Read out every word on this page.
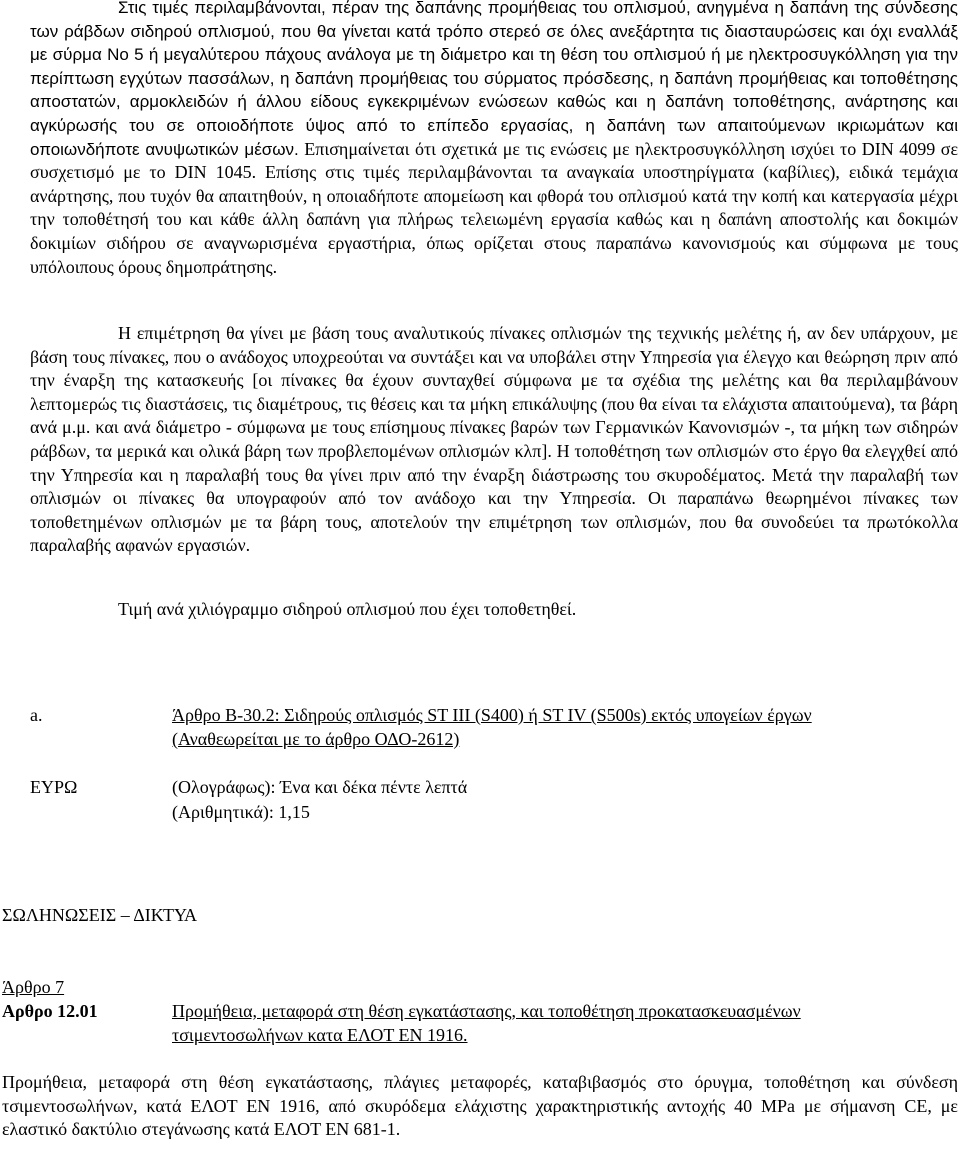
Στις τιμές περιλαμβάνονται, πέραν της δαπάνης προμήθειας του οπλισμού, ανηγμένα η δαπάνη της σύνδεσης των ράβδων σιδηρού οπλισμού, που θα γίνεται κατά τρόπο στερεό σε όλες ανεξάρτητα τις διασταυρώσεις και όχι εναλλάξ με σύρμα Νο 5 ή μεγαλύτερου πάχους ανάλογα με τη διάμετρο και τη θέση του οπλισμού ή με ηλεκτροσυγκόλληση για την περίπτωση εγχύτων πασσάλων, η δαπάνη προμήθειας του σύρματος πρόσδεσης, η δαπάνη προμήθειας και τοποθέτησης αποστατών, αρμοκλειδών ή άλλου είδους εγκεκριμένων ενώσεων καθώς και η δαπάνη τοποθέτησης, ανάρτησης και αγκύρωσής του σε οποιοδήποτε ύψος από το επίπεδο εργασίας, η δαπάνη των απαιτούμενων ικριωμάτων και οποιωνδήποτε ανυψωτικών μέσων. Επισημαίνεται ότι σχετικά με τις ενώσεις με ηλεκτροσυγκόλληση ισχύει το DIN 4099 σε συσχετισμό με το DIN 1045. Επίσης στις τιμές περιλαμβάνονται τα αναγκαία υποστηρίγματα (καβίλιες), ειδικά τεμάχια ανάρτησης, που τυχόν θα απαιτηθούν, η οποιαδήποτε απομείωση και φθορά του οπλισμού κατά την κοπή και κατεργασία μέχρι την τοποθέτησή του και κάθε άλλη δαπάνη για πλήρως τελειωμένη εργασία καθώς και η δαπάνη αποστολής και δοκιμών δοκιμίων σιδήρου σε αναγνωρισμένα εργαστήρια, όπως ορίζεται στους παραπάνω κανονισμούς και σύμφωνα με τους υπόλοιπους όρους δημοπράτησης.

Η επιμέτρηση θα γίνει με βάση τους αναλυτικούς πίνακες οπλισμών της τεχνικής μελέτης ή, αν δεν υπάρχουν, με βάση τους πίνακες, που ο ανάδοχος υποχρεούται να συντάξει και να υποβάλει στην Υπηρεσία για έλεγχο και θεώρηση πριν από την έναρξη της κατασκευής [οι πίνακες θα έχουν συνταχθεί σύμφωνα με τα σχέδια της μελέτης και θα περιλαμβάνουν λεπτομερώς τις διαστάσεις, τις διαμέτρους, τις θέσεις και τα μήκη επικάλυψης (που θα είναι τα ελάχιστα απαιτούμενα), τα βάρη ανά μ.μ. και ανά διάμετρο - σύμφωνα με τους επίσημους πίνακες βαρών των Γερμανικών Κανονισμών -, τα μήκη των σιδηρών ράβδων, τα μερικά και ολικά βάρη των προβλεπομένων οπλισμών κλπ]. Η τοποθέτηση των οπλισμών στο έργο θα ελεγχθεί από την Υπηρεσία και η παραλαβή τους θα γίνει πριν από την έναρξη διάστρωσης του σκυροδέματος. Μετά την παραλαβή των οπλισμών οι πίνακες θα υπογραφούν από τον ανάδοχο και την Υπηρεσία. Οι παραπάνω θεωρημένοι πίνακες των τοποθετημένων οπλισμών με τα βάρη τους, αποτελούν την επιμέτρηση των οπλισμών, που θα συνοδεύει τα πρωτόκολλα παραλαβής αφανών εργασιών.

Τιμή ανά χιλιόγραμμο σιδηρού οπλισμού που έχει τοποθετηθεί.

a.	Άρθρο Β-30.2: Σιδηρούς οπλισμός ST III (S400) ή ST IV (S500s) εκτός υπογείων έργων
(Αναθεωρείται με το άρθρο ΟΔΟ-2612)
ΕΥΡΩ	(Ολογράφως): Ένα και δέκα πέντε λεπτά
(Αριθμητικά): 1,15
ΣΩΛΗΝΩΣΕΙΣ – ΔΙΚΤΥΑ
Άρθρο 7
Αρθρο 12.01	Προμήθεια, μεταφορά στη θέση εγκατάστασης, και τοποθέτηση προκατασκευασμένων
τσιμεντοσωλήνων κατα ΕΛΟΤ ΕΝ 1916.

Προμήθεια, μεταφορά στη θέση εγκατάστασης, πλάγιες μεταφορές, καταβιβασμός στο όρυγμα, τοποθέτηση και σύνδεση τσιμεντοσωλήνων, κατά ΕΛΟΤ ΕΝ 1916, από σκυρόδεμα ελάχιστης χαρακτηριστικής αντοχής 40 MPa με σήμανση CE, με ελαστικό δακτύλιο στεγάνωσης κατά ΕΛΟΤ ΕΝ 681-1.
